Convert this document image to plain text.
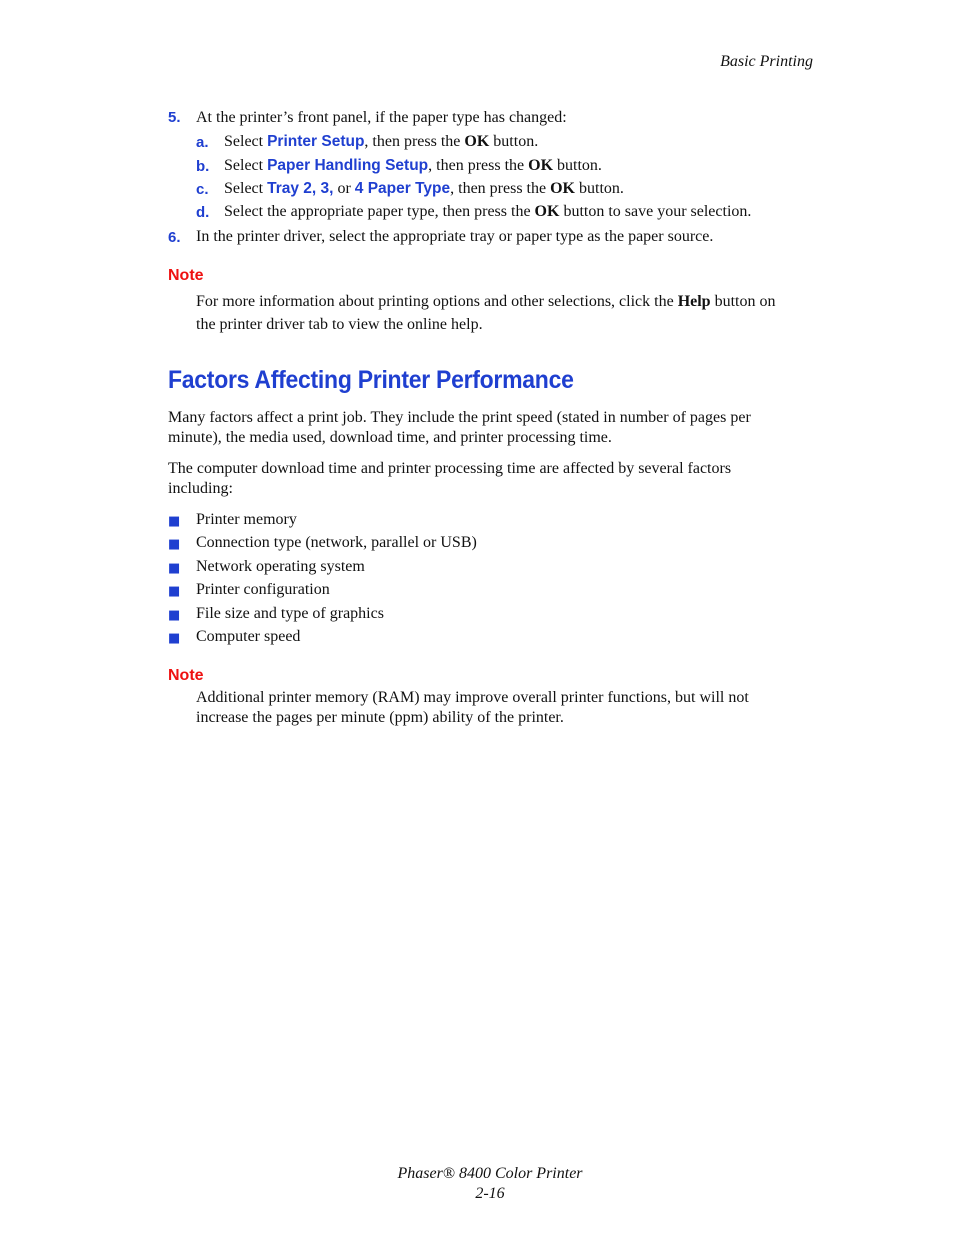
Basic Printing
5. At the printer’s front panel, if the paper type has changed:
a. Select Printer Setup, then press the OK button.
b. Select Paper Handling Setup, then press the OK button.
c. Select Tray 2, 3, or 4 Paper Type, then press the OK button.
d. Select the appropriate paper type, then press the OK button to save your selection.
6. In the printer driver, select the appropriate tray or paper type as the paper source.
Note
For more information about printing options and other selections, click the Help button on
the printer driver tab to view the online help.
Factors Affecting Printer Performance
Many factors affect a print job. They include the print speed (stated in number of pages per
minute), the media used, download time, and printer processing time.
The computer download time and printer processing time are affected by several factors
including:
■ Printer memory
■ Connection type (network, parallel or USB)
■ Network operating system
■ Printer configuration
■ File size and type of graphics
■ Computer speed
Note
Additional printer memory (RAM) may improve overall printer functions, but will not
increase the pages per minute (ppm) ability of the printer.
Phaser® 8400 Color Printer
2-16
